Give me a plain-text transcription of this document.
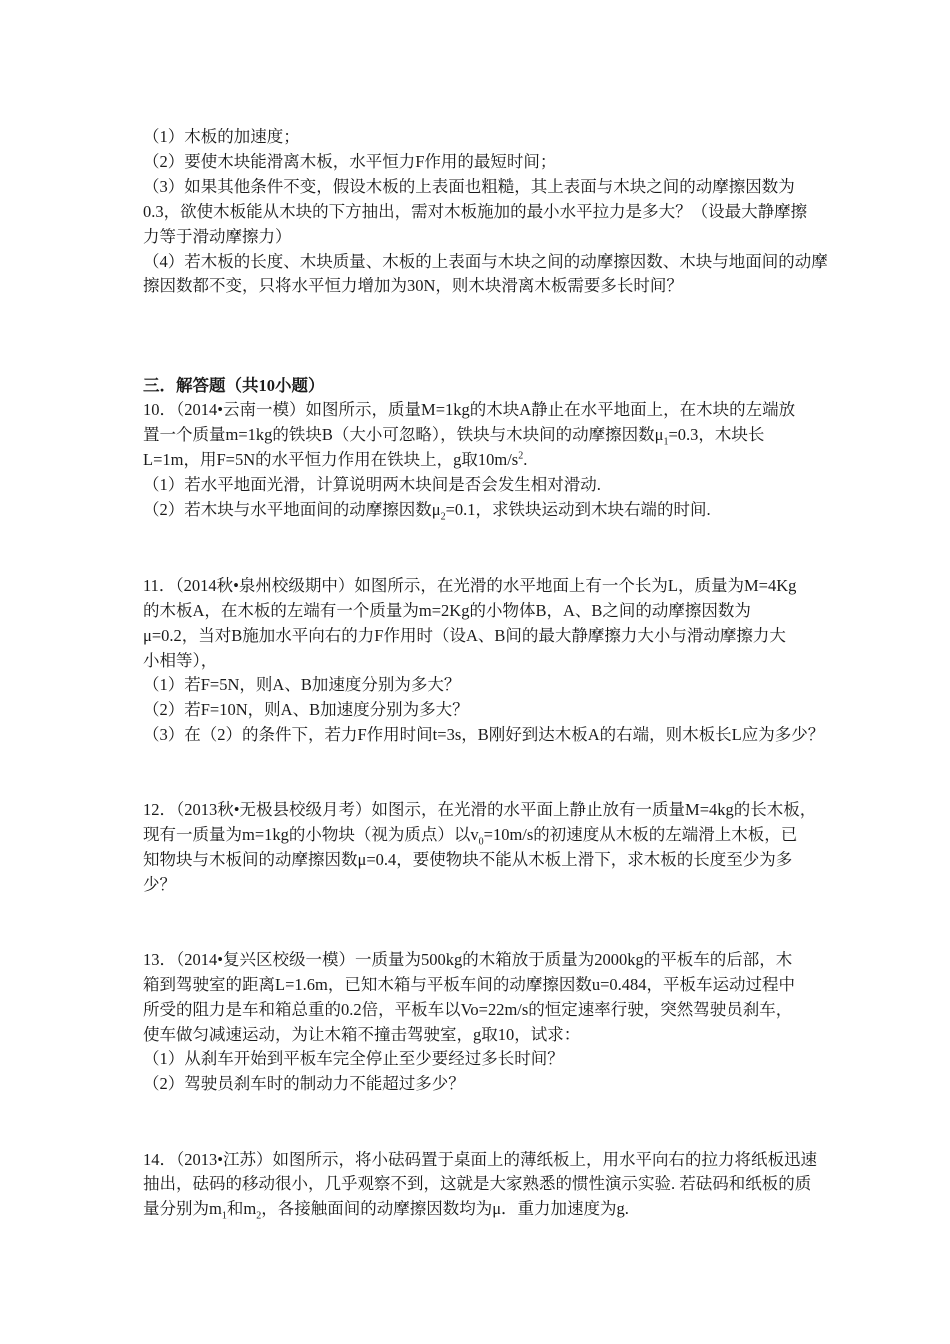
（1）木板的加速度；
（2）要使木块能滑离木板，水平恒力F作用的最短时间；
（3）如果其他条件不变，假设木板的上表面也粗糙，其上表面与木块之间的动摩擦因数为
0.3，欲使木板能从木块的下方抽出，需对木板施加的最小水平拉力是多大？（设最大静摩擦
力等于滑动摩擦力）
（4）若木板的长度、木块质量、木板的上表面与木块之间的动摩擦因数、木块与地面间的动摩
擦因数都不变，只将水平恒力增加为30N，则木块滑离木板需要多长时间？
三．解答题（共10小题）
10．（2014•云南一模）如图所示，质量M=1kg的木块A静止在水平地面上，在木块的左端放
置一个质量m=1kg的铁块B（大小可忽略），铁块与木块间的动摩擦因数$\mu_1=0.3$，木块长
L=1m，用F=5N的水平恒力作用在铁块上，g取$10m/s^2$.
（1）若水平地面光滑，计算说明两木块间是否会发生相对滑动.
（2）若木块与水平地面间的动摩擦因数$\mu_2=0.1$，求铁块运动到木块右端的时间.
11．（2014秋•泉州校级期中）如图所示，在光滑的水平地面上有一个长为L，质量为M=4Kg
的木板A，在木板的左端有一个质量为m=2Kg的小物体B，A、B之间的动摩擦因数为
μ=0.2，当对B施加水平向右的力F作用时（设A、B间的最大静摩擦力大小与滑动摩擦力大
小相等），
（1）若F=5N，则A、B加速度分别为多大？
（2）若F=10N，则A、B加速度分别为多大？
（3）在（2）的条件下，若力F作用时间t=3s，B刚好到达木板A的右端，则木板长L应为多少？
12．（2013秋•无极县校级月考）如图示，在光滑的水平面上静止放有一质量M=4kg的长木板，
现有一质量为m=1kg的小物块（视为质点）以$v_0=10m/s$的初速度从木板的左端滑上木板，已
知物块与木板间的动摩擦因数μ=0.4，要使物块不能从木板上滑下，求木板的长度至少为多
少？
13．（2014•复兴区校级一模）一质量为500kg的木箱放于质量为2000kg的平板车的后部，木
箱到驾驶室的距离L=1.6m，已知木箱与平板车间的动摩擦因数u=0.484，平板车运动过程中
所受的阻力是车和箱总重的0.2倍，平板车以Vo=22m/s的恒定速率行驶，突然驾驶员刹车，
使车做匀减速运动，为让木箱不撞击驾驶室，g取10，试求：
（1）从刹车开始到平板车完全停止至少要经过多长时间？
（2）驾驶员刹车时的制动力不能超过多少？
14．（2013•江苏）如图所示，将小砝码置于桌面上的薄纸板上，用水平向右的拉力将纸板迅速
抽出，砝码的移动很小，几乎观察不到，这就是大家熟悉的惯性演示实验. 若砝码和纸板的质
量分别为$m_1$和$m_2$，各接触面间的动摩擦因数均为μ．重力加速度为g.
